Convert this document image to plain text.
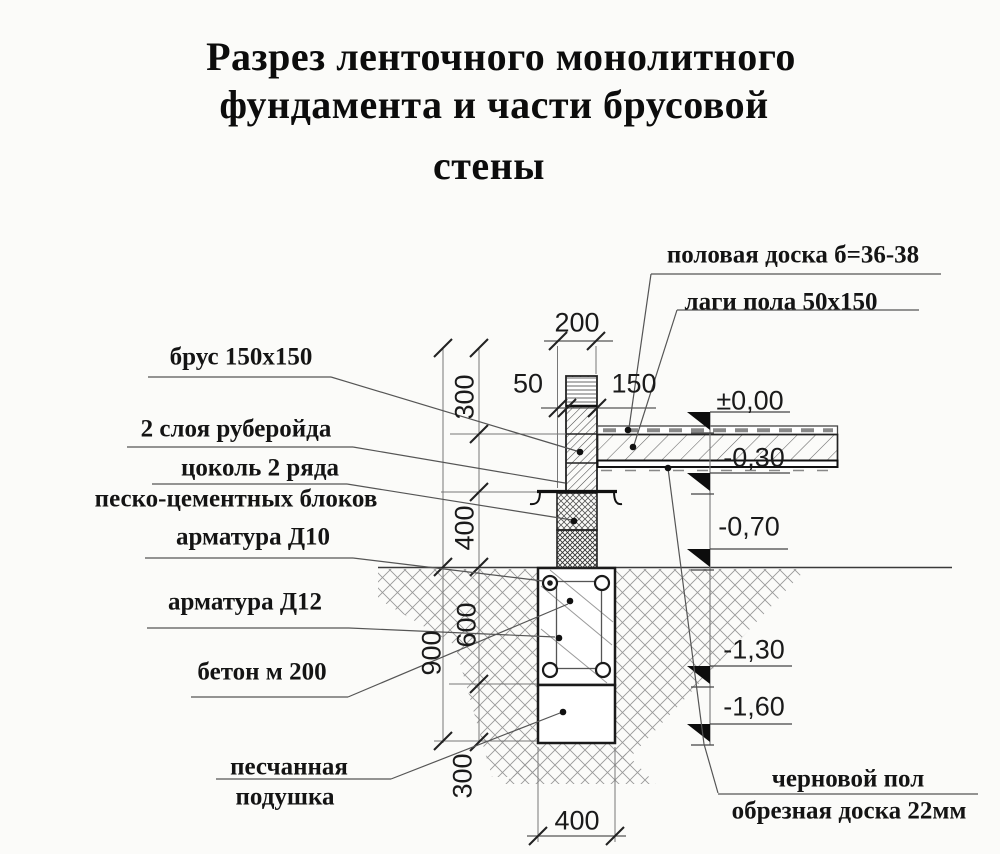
Разрез ленточного монолитного
фундамента и части брусовой
стены
брус 150х150
2 слоя руберойда
цоколь 2 ряда
песко-цементных блоков
арматура Д10
арматура Д12
бетон м 200
песчанная
подушка
половая доска б=36-38
лаги пола 50х150
черновой пол
обрезная доска 22мм
±0,00
-0,30
-0,70
-1,30
-1,60
200
50	150
300
400
600
900
300
400
